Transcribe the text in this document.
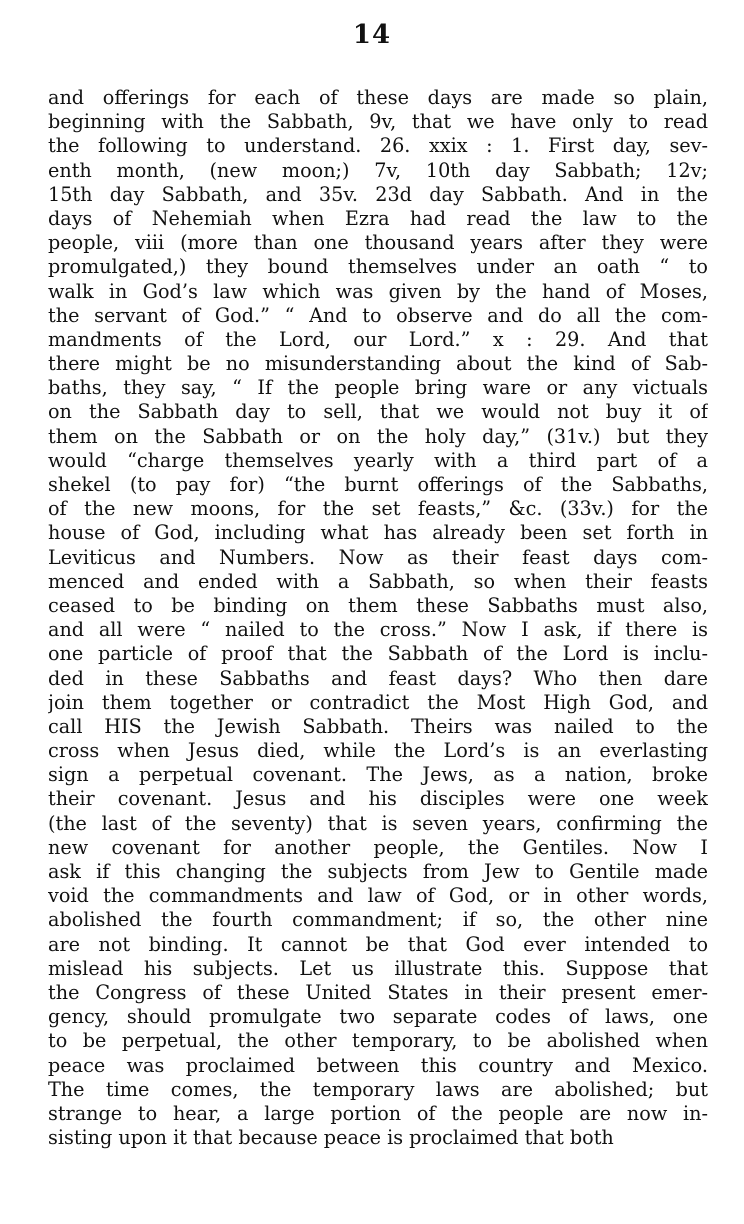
14
and offerings for each of these days are made so plain,
beginning with the Sabbath, 9v, that we have only to read
the following to understand. 26. xxix : 1. First day, sev-
enth month, (new moon;) 7v, 10th day Sabbath; 12v;
15th day Sabbath, and 35v. 23d day Sabbath. And in the
days of Nehemiah when Ezra had read the law to the
people, viii (more than one thousand years after they were
promulgated,) they bound themselves under an oath “ to
walk in God’s law which was given by the hand of Moses,
the servant of God.” “ And to observe and do all the com-
mandments of the Lord, our Lord.” x : 29. And that
there might be no misunderstanding about the kind of Sab-
baths, they say, “ If the people bring ware or any victuals
on the Sabbath day to sell, that we would not buy it of
them on the Sabbath or on the holy day,” (31v.) but they
would “charge themselves yearly with a third part of a
shekel (to pay for) “the burnt offerings of the Sabbaths,
of the new moons, for the set feasts,” &c. (33v.) for the
house of God, including what has already been set forth in
Leviticus and Numbers. Now as their feast days com-
menced and ended with a Sabbath, so when their feasts
ceased to be binding on them these Sabbaths must also,
and all were “ nailed to the cross.” Now I ask, if there is
one particle of proof that the Sabbath of the Lord is inclu-
ded in these Sabbaths and feast days? Who then dare
join them together or contradict the Most High God, and
call HIS the Jewish Sabbath. Theirs was nailed to the
cross when Jesus died, while the Lord’s is an everlasting
sign a perpetual covenant. The Jews, as a nation, broke
their covenant. Jesus and his disciples were one week
(the last of the seventy) that is seven years, confirming the
new covenant for another people, the Gentiles. Now I
ask if this changing the subjects from Jew to Gentile made
void the commandments and law of God, or in other words,
abolished the fourth commandment; if so, the other nine
are not binding. It cannot be that God ever intended to
mislead his subjects. Let us illustrate this. Suppose that
the Congress of these United States in their present emer-
gency, should promulgate two separate codes of laws, one
to be perpetual, the other temporary, to be abolished when
peace was proclaimed between this country and Mexico.
The time comes, the temporary laws are abolished; but
strange to hear, a large portion of the people are now in-
sisting upon it that because peace is proclaimed that both
